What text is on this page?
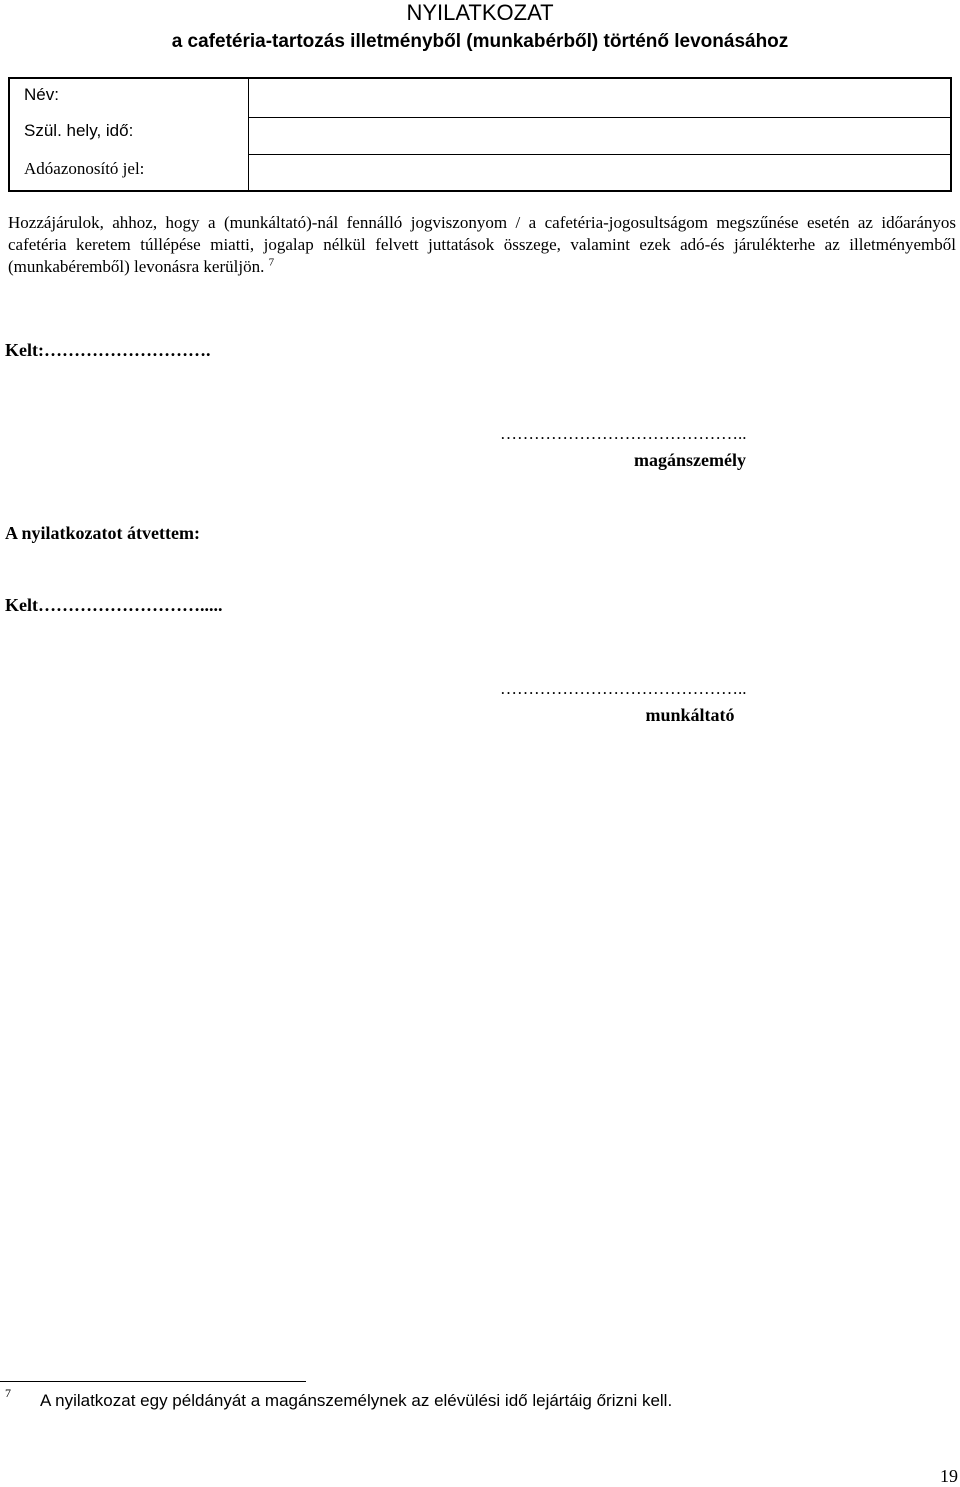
NYILATKOZAT
a cafetéria-tartozás illetményből (munkabérből) történő levonásához
Név:
Szül. hely, idő:
Adóazonosító jel:

Hozzájárulok, ahhoz, hogy a (munkáltató)-nál fennálló jogviszonyom / a cafetéria-jogosultságom megszűnése esetén az időarányos cafetéria keretem túllépése miatti, jogalap nélkül felvett juttatások összege, valamint ezek adó-és járulékterhe az illetményemből (munkabéremből) levonásra kerüljön. $^7$

Kelt:……………………….
……………………………………..
magánszemély
A nyilatkozatot átvettem:
Kelt……………………….....
……………………………………..
munkáltató
7 A nyilatkozat egy példányát a magánszemélynek az elévülési idő lejártáig őrizni kell.
19
